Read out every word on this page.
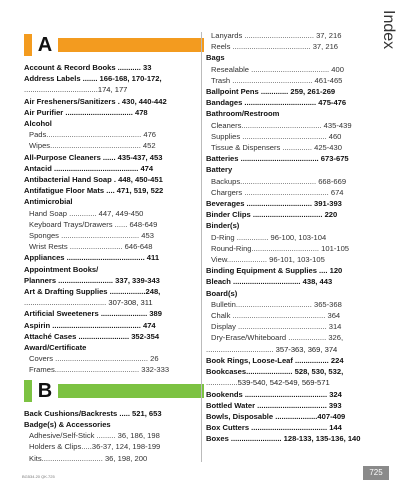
Index
A
Account & Record Books ........... 33
Address Labels ....... 166-168, 170-172,
...................................174, 177
Air Fresheners/Sanitizers . 430, 440-442
Air Purifier ................................ 478
Alcohol
Pads............................................. 476
Wipes........................................... 452
All-Purpose Cleaners ...... 435-437, 453
Antacid ........................................ 474
Antibacterial Hand Soap . 448, 450-451
Antifatigue Floor Mats .... 471, 519, 522
Antimicrobial
Hand Soap ............. 447, 449-450
Keyboard Trays/Drawers ...... 648-649
Sponges ..................................... 453
Wrist Rests ......................... 646-648
Appliances ..................................... 411
Appointment Books/
Planners .......................... 337, 339-343
Art & Drafting Supplies .................248,
....................................... 307-308, 311
Artificial Sweeteners ...................... 389
Aspirin .......................................... 474
Attaché Cases ........................ 352-354
Award/Certificate
Covers ............................................ 26
Frames........................................ 332-333
B
Back Cushions/Backrests ..... 521, 653
Badge(s) & Accessories
Adhesive/Self-Stick ......... 36, 186, 198
Holders & Clips.....36-37, 124, 198-199
Kits............................. 36, 198, 200
Lanyards ................................. 37, 216
Reels ..................................... 37, 216
Bags
Resealable ..................................... 400
Trash ...................................... 461-465
Ballpoint Pens ............. 259, 261-269
Bandages .................................. 475-476
Bathroom/Restroom
Cleaners...................................... 435-439
Supplies ........................................ 460
Tissue & Dispensers .............. 425-430
Batteries ..................................... 673-675
Battery
Backups.................................... 668-669
Chargers ........................................ 674
Beverages ............................... 391-393
Binder Clips ................................. 220
Binder(s)
D-Ring ............... 96-100, 103-104
Round-Ring................................ 101-105
View................... 96-101, 103-105
Binding Equipment & Supplies .... 120
Bleach ................................ 438, 443
Board(s)
Bulletin.................................... 365-368
Chalk ............................................ 364
Display .......................................... 314
Dry-Erase/Whiteboard .................. 326,
................................ 357-363, 369, 374
Book Rings, Loose-Leaf ................ 224
Bookcases...................... 528, 530, 532,
...............539-540, 542-549, 569-571
Bookends ....................................... 324
Bottled Water ................................. 393
Bowls, Disposable ....................407-409
Box Cutters .................................... 144
Boxes ........................ 128-133, 135-136, 140
725
BG534.20 QK.725
